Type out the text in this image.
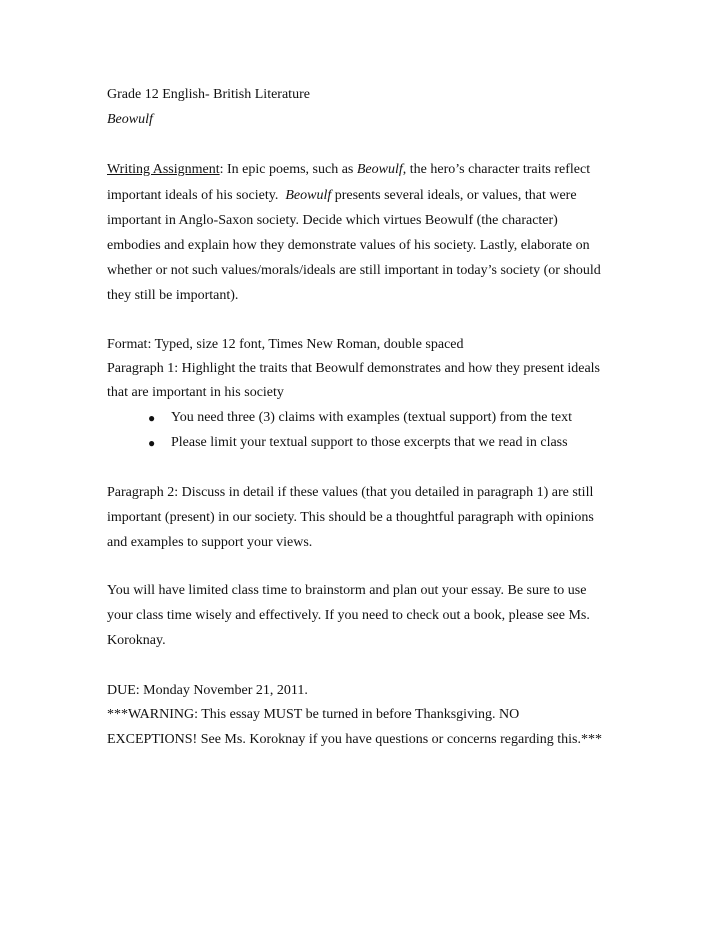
Grade 12 English- British Literature
Beowulf
Writing Assignment: In epic poems, such as Beowulf, the hero’s character traits reflect
important ideals of his society. Beowulf presents several ideals, or values, that were
important in Anglo-Saxon society. Decide which virtues Beowulf (the character)
embodies and explain how they demonstrate values of his society. Lastly, elaborate on
whether or not such values/morals/ideals are still important in today’s society (or should
they still be important).
Format: Typed, size 12 font, Times New Roman, double spaced
Paragraph 1: Highlight the traits that Beowulf demonstrates and how they present ideals
that are important in his society
● You need three (3) claims with examples (textual support) from the text
● Please limit your textual support to those excerpts that we read in class
Paragraph 2: Discuss in detail if these values (that you detailed in paragraph 1) are still
important (present) in our society. This should be a thoughtful paragraph with opinions
and examples to support your views.
You will have limited class time to brainstorm and plan out your essay. Be sure to use
your class time wisely and effectively. If you need to check out a book, please see Ms.
Koroknay.
DUE: Monday November 21, 2011.
***WARNING: This essay MUST be turned in before Thanksgiving. NO
EXCEPTIONS! See Ms. Koroknay if you have questions or concerns regarding this.***
